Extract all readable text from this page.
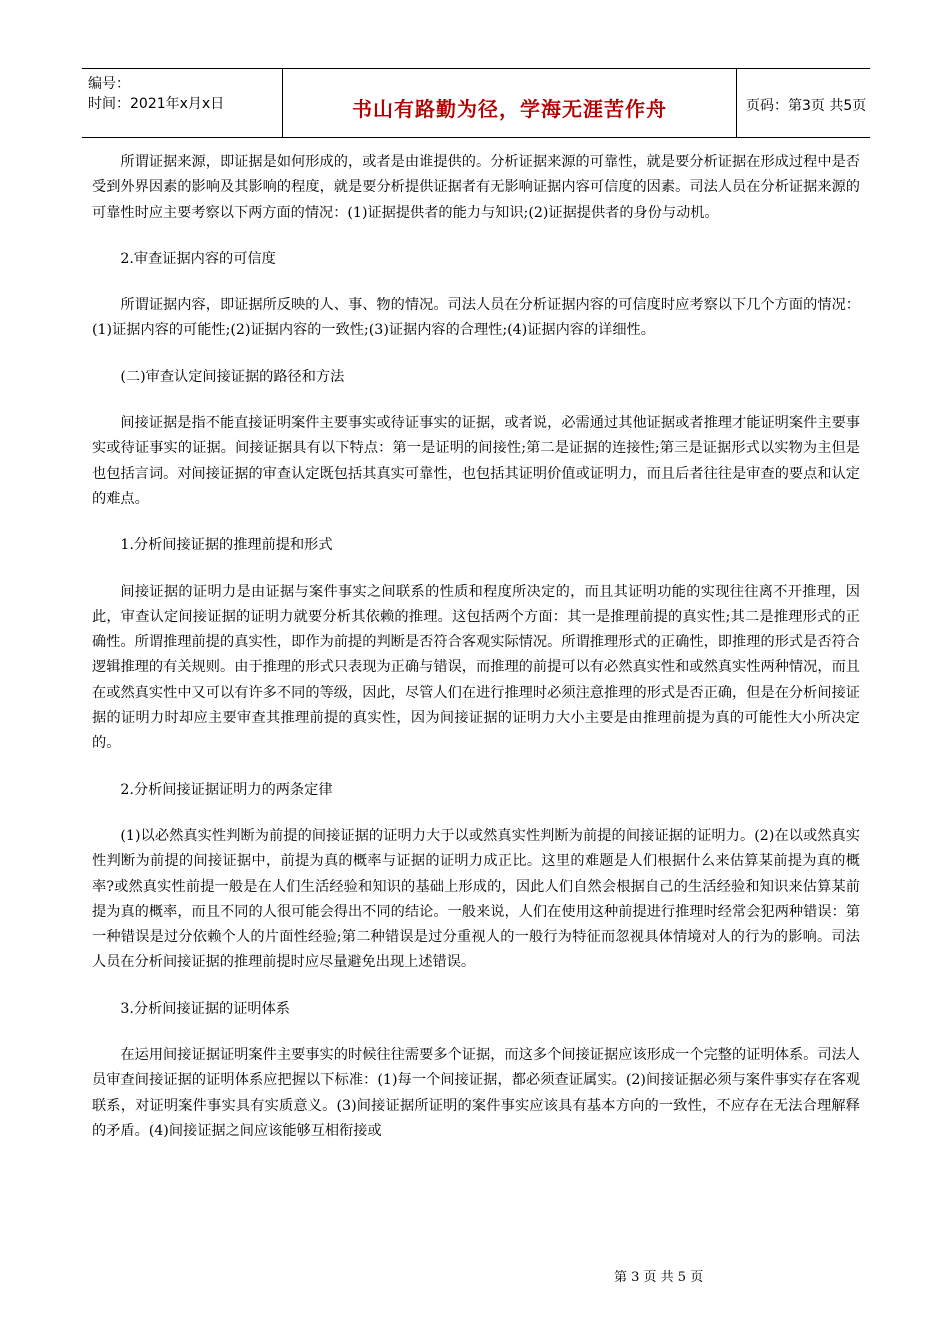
编号：
时间：2021年x月x日	书山有路勤为径，学海无涯苦作舟	页码：第3页 共5页

所谓证据来源，即证据是如何形成的，或者是由谁提供的。分析证据来源的可靠性，就是要分析证据在形成过程中是否受到外界因素的影响及其影响的程度，就是要分析提供证据者有无影响证据内容可信度的因素。司法人员在分析证据来源的可靠性时应主要考察以下两方面的情况：(1)证据提供者的能力与知识;(2)证据提供者的身份与动机。

2.审查证据内容的可信度

所谓证据内容，即证据所反映的人、事、物的情况。司法人员在分析证据内容的可信度时应考察以下几个方面的情况：(1)证据内容的可能性;(2)证据内容的一致性;(3)证据内容的合理性;(4)证据内容的详细性。

(二)审查认定间接证据的路径和方法

间接证据是指不能直接证明案件主要事实或待证事实的证据，或者说，必需通过其他证据或者推理才能证明案件主要事实或待证事实的证据。间接证据具有以下特点：第一是证明的间接性;第二是证据的连接性;第三是证据形式以实物为主但是也包括言词。对间接证据的审查认定既包括其真实可靠性，也包括其证明价值或证明力，而且后者往往是审查的要点和认定的难点。

1.分析间接证据的推理前提和形式

间接证据的证明力是由证据与案件事实之间联系的性质和程度所决定的，而且其证明功能的实现往往离不开推理，因此，审查认定间接证据的证明力就要分析其依赖的推理。这包括两个方面：其一是推理前提的真实性;其二是推理形式的正确性。所谓推理前提的真实性，即作为前提的判断是否符合客观实际情况。所谓推理形式的正确性，即推理的形式是否符合逻辑推理的有关规则。由于推理的形式只表现为正确与错误，而推理的前提可以有必然真实性和或然真实性两种情况，而且在或然真实性中又可以有许多不同的等级，因此，尽管人们在进行推理时必须注意推理的形式是否正确，但是在分析间接证据的证明力时却应主要审查其推理前提的真实性，因为间接证据的证明力大小主要是由推理前提为真的可能性大小所决定的。

2.分析间接证据证明力的两条定律

(1)以必然真实性判断为前提的间接证据的证明力大于以或然真实性判断为前提的间接证据的证明力。(2)在以或然真实性判断为前提的间接证据中，前提为真的概率与证据的证明力成正比。这里的难题是人们根据什么来估算某前提为真的概率?或然真实性前提一般是在人们生活经验和知识的基础上形成的，因此人们自然会根据自己的生活经验和知识来估算某前提为真的概率，而且不同的人很可能会得出不同的结论。一般来说，人们在使用这种前提进行推理时经常会犯两种错误：第一种错误是过分依赖个人的片面性经验;第二种错误是过分重视人的一般行为特征而忽视具体情境对人的行为的影响。司法人员在分析间接证据的推理前提时应尽量避免出现上述错误。

3.分析间接证据的证明体系

在运用间接证据证明案件主要事实的时候往往需要多个证据，而这多个间接证据应该形成一个完整的证明体系。司法人员审查间接证据的证明体系应把握以下标准：(1)每一个间接证据，都必须查证属实。(2)间接证据必须与案件事实存在客观联系，对证明案件事实具有实质意义。(3)间接证据所证明的案件事实应该具有基本方向的一致性，不应存在无法合理解释的矛盾。(4)间接证据之间应该能够互相衔接或

第 3 页 共 5 页
